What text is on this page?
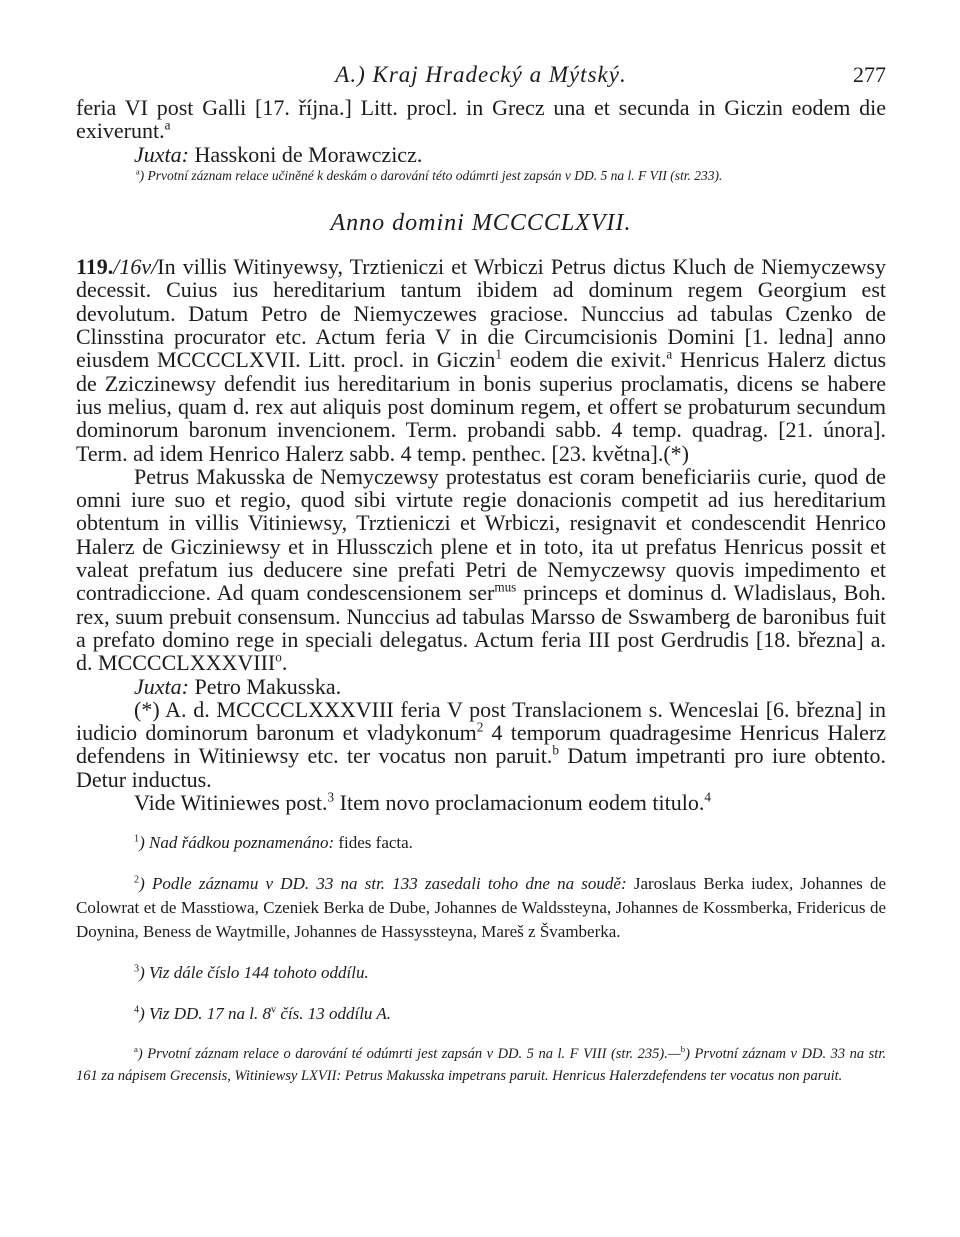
A.) Kraj Hradecký a Mýtský.	277

feria VI post Galli [17. října.] Litt. procl. in Grecz una et secunda in Giczin eodem die exiverunt.$^a$

Juxta: Hasskoni de Morawczicz.

$^a$) Prvotní záznam relace učiněné k deskám o darování této odúmrti jest zapsán v DD. 5 na l. F VII (str. 233).

Anno domini MCCCCLXVII.

119./16v/In villis Witinyewsy, Trztieniczi et Wrbiczi Petrus dictus Kluch de Niemyczewsy decessit. Cuius ius hereditarium tantum ibidem ad dominum regem Georgium est devolutum. Datum Petro de Niemyczewes graciose. Nunccius ad tabulas Czenko de Clinsstina procurator etc. Actum feria V in die Circumcisionis Domini [1. ledna] anno eiusdem MCCCCLXVII. Litt. procl. in Giczin$^1$ eodem die exivit.$^a$ Henricus Halerz dictus de Zziczinewsy defendit ius hereditarium in bonis superius proclamatis, dicens se habere ius melius, quam d. rex aut aliquis post dominum regem, et offert se probaturum secundum dominorum baronum invencionem. Term. probandi sabb. 4 temp. quadrag. [21. února]. Term. ad idem Henrico Halerz sabb. 4 temp. penthec. [23. května].(*)

Petrus Makusska de Nemyczewsy protestatus est coram beneficiariis curie, quod de omni iure suo et regio, quod sibi virtute regie donacionis competit ad ius hereditarium obtentum in villis Vitiniewsy, Trztieniczi et Wrbiczi, resignavit et condescendit Henrico Halerz de Gicziniewsy et in Hlussczich plene et in toto, ita ut prefatus Henricus possit et valeat prefatum ius deducere sine prefati Petri de Nemyczewsy quovis impedimento et contradiccione. Ad quam condescensionem ser$^{mus}$ princeps et dominus d. Wladislaus, Boh. rex, suum prebuit consensum. Nunccius ad tabulas Marsso de Sswamberg de baronibus fuit a prefato domino rege in speciali delegatus. Actum feria III post Gerdrudis [18. března] a. d. MCCCCLXXXVIII$^o$.

Juxta: Petro Makusska.

(*) A. d. MCCCCLXXXVIII feria V post Translacionem s. Wenceslai [6. března] in iudicio dominorum baronum et vladykonum$^2$ 4 temporum quadragesime Henricus Halerz defendens in Witiniewsy etc. ter vocatus non paruit.$^b$ Datum impetranti pro iure obtento. Detur inductus.

Vide Witiniewes post.$^3$ Item novo proclamacionum eodem titulo.$^4$

$^1$) Nad řádkou poznamenáno: fides facta.

$^2$) Podle záznamu v DD. 33 na str. 133 zasedali toho dne na soudě: Jaroslaus Berka iudex, Johannes de Colowrat et de Masstiowa, Czeniek Berka de Dube, Johannes de Waldssteyna, Johannes de Kossmberka, Fridericus de Doynina, Beness de Waytmille, Johannes de Hassyssteyna, Mareš z Švamberka.

$^3$) Viz dále číslo 144 tohoto oddílu.

$^4$) Viz DD. 17 na l. 8$^v$ čís. 13 oddílu A.

$^a$) Prvotní záznam relace o darování té odúmrti jest zapsán v DD. 5 na l. F VIII (str. 235).—$^b$) Prvotní záznam v DD. 33 na str. 161 za nápisem Grecensis, Witiniewsy LXVII: Petrus Makusska impetrans paruit. Henricus Halerzdefendens ter vocatus non paruit.
